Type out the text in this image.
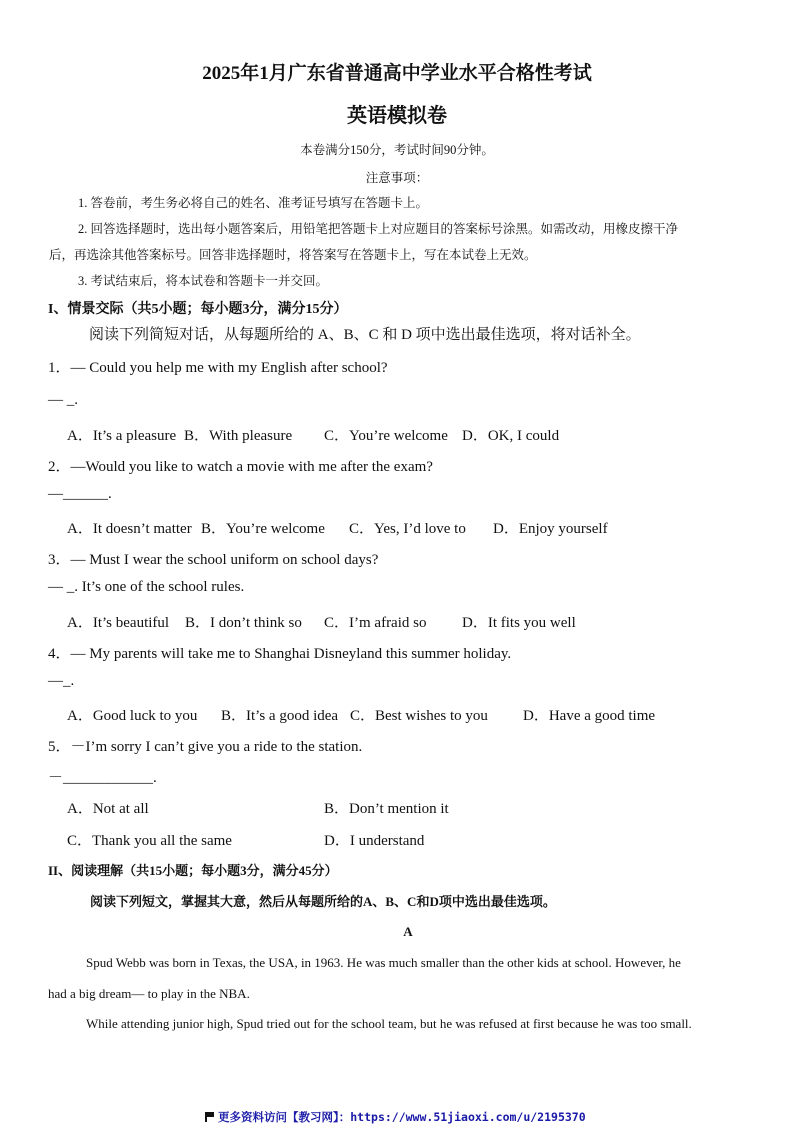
2025年1月广东省普通高中学业水平合格性考试
英语模拟卷
本卷满分150分，考试时间90分钟。
注意事项：
1. 答卷前，考生务必将自己的姓名、准考证号填写在答题卡上。
2. 回答选择题时，选出每小题答案后，用铅笔把答题卡上对应题目的答案标号涂黑。如需改动，用橡皮擦干净
后，再选涂其他答案标号。回答非选择题时，将答案写在答题卡上，写在本试卷上无效。
3. 考试结束后，将本试卷和答题卡一并交回。
I、情景交际（共5小题；每小题3分，满分15分）
阅读下列简短对话，从每题所给的 A、B、C 和 D 项中选出最佳选项，将对话补全。
1．— Could you help me with my English after school?
— _.
A．It’s a pleasure B．With pleasure C．You’re welcome D．OK, I could
2．—Would you like to watch a movie with me after the exam?
—______.
A．It doesn’t matter B．You’re welcome C．Yes, I’d love to D．Enjoy yourself
3．— Must I wear the school uniform on school days?
— _. It’s one of the school rules.
A．It’s beautiful B．I don’t think so C．I’m afraid so D．It fits you well
4．— My parents will take me to Shanghai Disneyland this summer holiday.
—_.
A．Good luck to you B．It’s a good idea C．Best wishes to you D．Have a good time
5．－I’m sorry I can’t give you a ride to the station.
－____________.
A．Not at all	B．Don’t mention it
C．Thank you all the same	D．I understand
II、阅读理解（共15小题；每小题3分，满分45分）
阅读下列短文，掌握其大意，然后从每题所给的A、B、C和D项中选出最佳选项。
A
Spud Webb was born in Texas, the USA, in 1963. He was much smaller than the other kids at school. However, he
had a big dream— to play in the NBA.
While attending junior high, Spud tried out for the school team, but he was refused at first because he was too small.
更多资料访问【教习网】：https://www.51jiaoxi.com/u/2195370
